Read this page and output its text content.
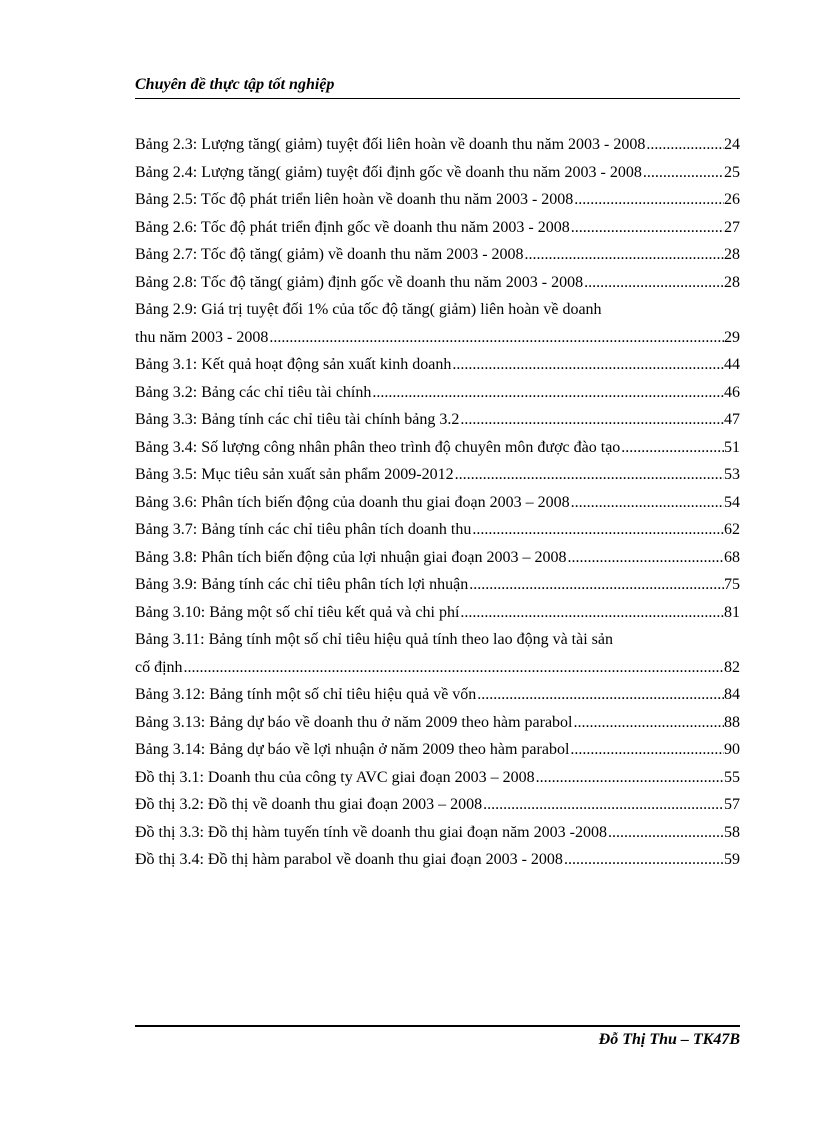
Chuyên đề thực tập tốt nghiệp
Bảng 2.3: Lượng tăng( giảm) tuyệt đối liên hoàn về doanh thu năm 2003 - 2008 .....	24
Bảng 2.4: Lượng tăng( giảm) tuyệt đối định gốc về doanh thu năm 2003 - 2008 .....	25
Bảng 2.5: Tốc độ phát triển liên hoàn về doanh thu năm 2003 - 2008 .....	26
Bảng 2.6: Tốc độ phát triển định gốc về doanh thu năm 2003 - 2008 .....	27
Bảng 2.7: Tốc độ tăng( giảm) về doanh thu năm 2003 - 2008 .....	28
Bảng 2.8: Tốc độ tăng( giảm) định gốc về doanh thu năm 2003 - 2008 .....	28
Bảng 2.9: Giá trị tuyệt đối 1% của tốc độ tăng( giảm) liên hoàn về doanh
thu năm 2003 - 2008 .....	29
Bảng 3.1: Kết quả hoạt động sản xuất kinh doanh .....	44
Bảng 3.2: Bảng các chỉ tiêu tài chính .....	46
Bảng 3.3: Bảng tính các chỉ tiêu tài chính bảng 3.2 .....	47
Bảng 3.4: Số lượng công nhân phân theo trình độ chuyên môn được đào tạo .....	51
Bảng 3.5: Mục tiêu sản xuất sản phẩm 2009-2012 .....	53
Bảng 3.6: Phân tích biến động của doanh thu giai đoạn 2003 – 2008 .....	54
Bảng 3.7: Bảng tính các chỉ tiêu phân tích doanh thu .....	62
Bảng 3.8: Phân tích biến động của lợi nhuận giai đoạn 2003 – 2008 .....	68
Bảng 3.9: Bảng tính các chỉ tiêu phân tích lợi nhuận .....	75
Bảng 3.10: Bảng một số chỉ tiêu kết quả và chi phí .....	81
Bảng 3.11: Bảng tính một số chỉ tiêu hiệu quả tính theo lao động và tài sản
cố định .....	82
Bảng 3.12: Bảng tính một số chỉ tiêu hiệu quả về vốn .....	84
Bảng 3.13: Bảng dự báo về doanh thu ở năm 2009 theo hàm parabol .....	88
Bảng 3.14: Bảng dự báo về lợi nhuận ở năm 2009 theo hàm parabol .....	90
Đồ thị 3.1: Doanh thu của công ty AVC giai đoạn 2003 – 2008 .....	55
Đồ thị 3.2: Đồ thị về doanh thu giai đoạn 2003 – 2008 .....	57
Đồ thị 3.3: Đồ thị hàm tuyến tính về doanh thu giai đoạn năm 2003 -2008 .....	58
Đồ thị 3.4: Đồ thị hàm parabol về doanh thu giai đoạn 2003 - 2008 .....	59
Đỗ Thị Thu – TK47B
